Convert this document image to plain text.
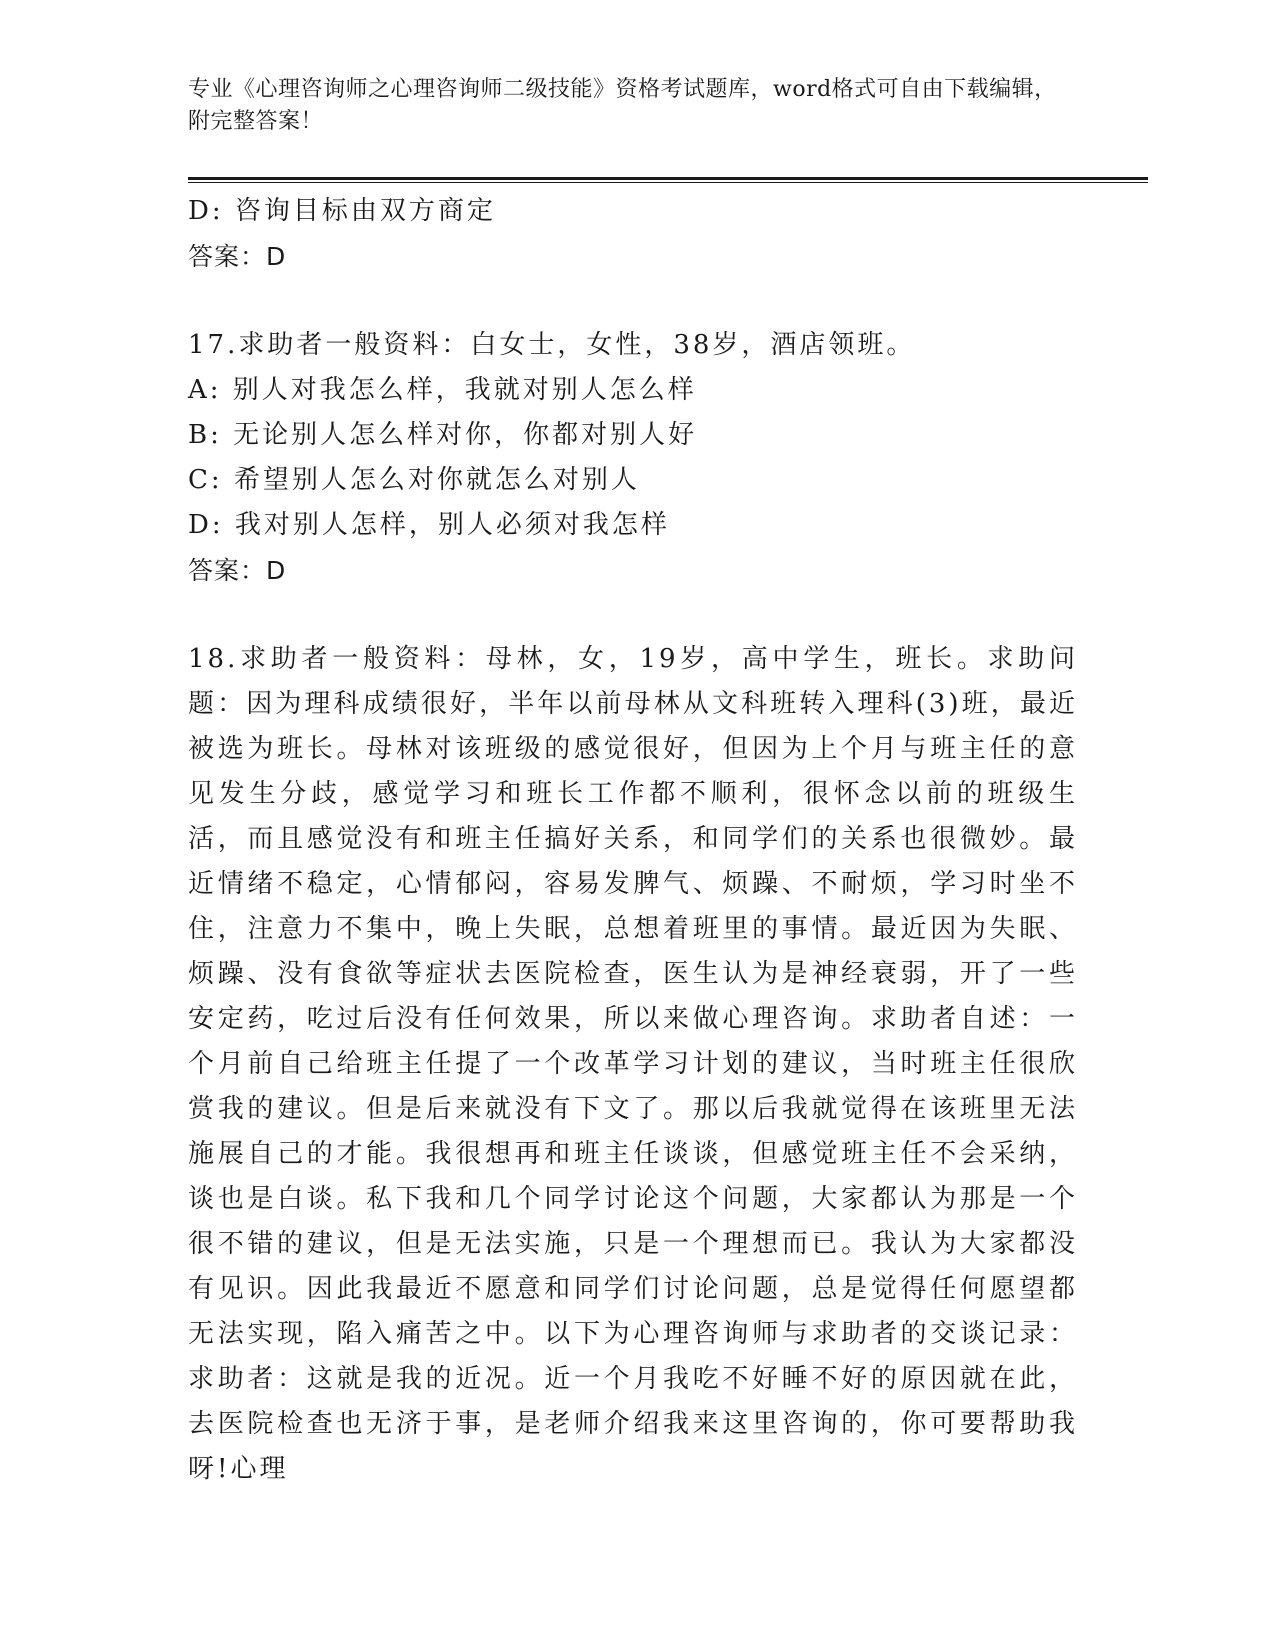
专业《心理咨询师之心理咨询师二级技能》资格考试题库，word格式可自由下载编辑，附完整答案！
D: 咨询目标由双方商定
答案：D
17.求助者一般资料：白女士，女性，38岁，酒店领班。
A: 别人对我怎么样，我就对别人怎么样
B: 无论别人怎么样对你，你都对别人好
C: 希望别人怎么对你就怎么对别人
D: 我对别人怎样，别人必须对我怎样
答案：D
18.求助者一般资料：母林，女，19岁，高中学生，班长。求助问题：因为理科成绩很好，半年以前母林从文科班转入理科(3)班，最近被选为班长。母林对该班级的感觉很好，但因为上个月与班主任的意见发生分歧，感觉学习和班长工作都不顺利，很怀念以前的班级生活，而且感觉没有和班主任搞好关系，和同学们的关系也很微妙。最近情绪不稳定，心情郁闷，容易发脾气、烦躁、不耐烦，学习时坐不住，注意力不集中，晚上失眠，总想着班里的事情。最近因为失眠、烦躁、没有食欲等症状去医院检查，医生认为是神经衰弱，开了一些安定药，吃过后没有任何效果，所以来做心理咨询。求助者自述：一个月前自己给班主任提了一个改革学习计划的建议，当时班主任很欣赏我的建议。但是后来就没有下文了。那以后我就觉得在该班里无法施展自己的才能。我很想再和班主任谈谈，但感觉班主任不会采纳，谈也是白谈。私下我和几个同学讨论这个问题，大家都认为那是一个很不错的建议，但是无法实施，只是一个理想而已。我认为大家都没有见识。因此我最近不愿意和同学们讨论问题，总是觉得任何愿望都无法实现，陷入痛苦之中。以下为心理咨询师与求助者的交谈记录：求助者：这就是我的近况。近一个月我吃不好睡不好的原因就在此，去医院检查也无济于事，是老师介绍我来这里咨询的，你可要帮助我呀!心理
